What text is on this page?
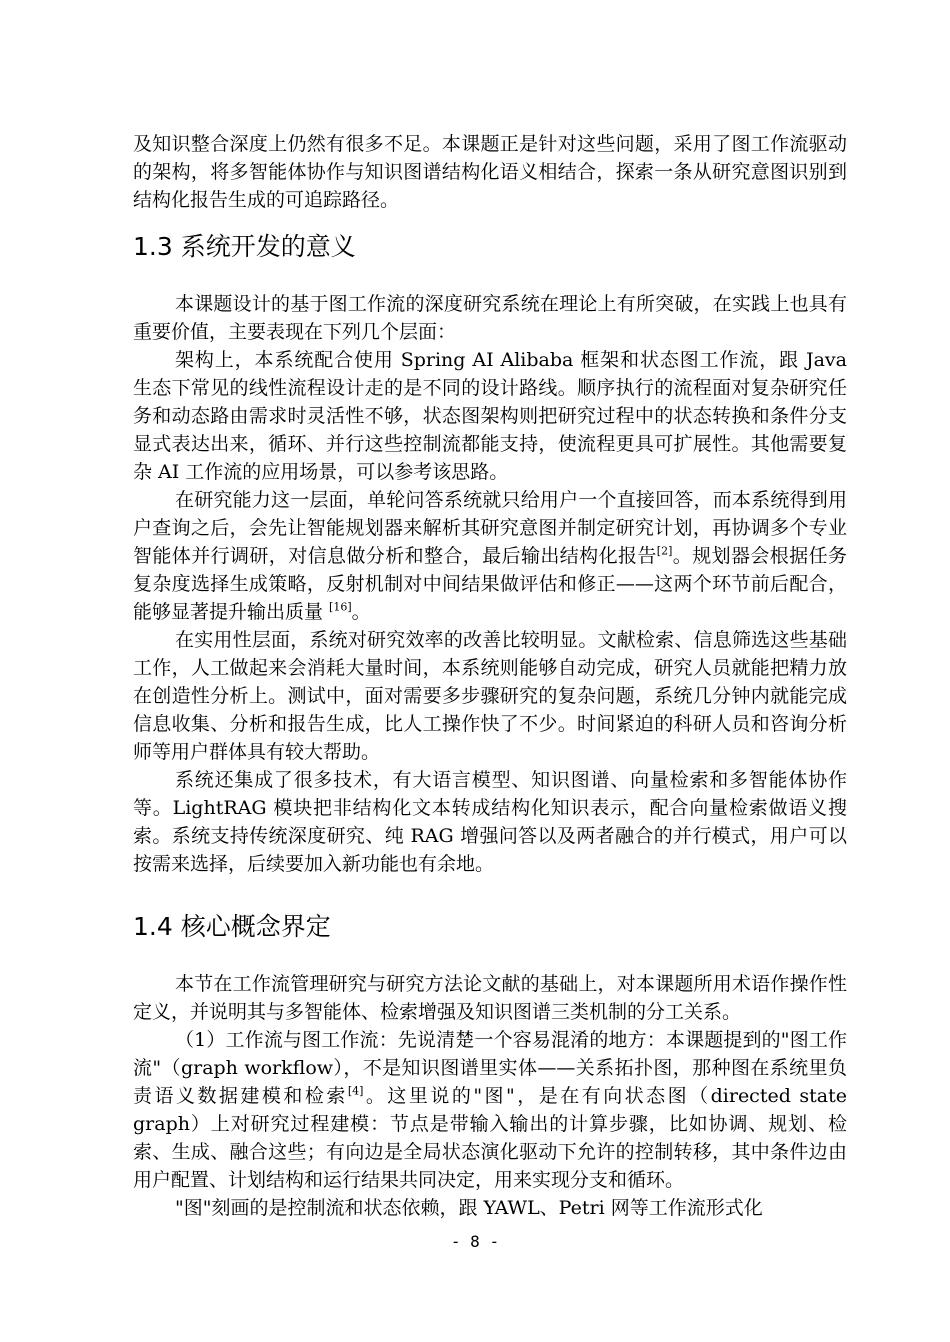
及知识整合深度上仍然有很多不足。本课题正是针对这些问题，采用了图工作流驱动的架构，将多智能体协作与知识图谱结构化语义相结合，探索一条从研究意图识别到结构化报告生成的可追踪路径。

1.3 系统开发的意义

本课题设计的基于图工作流的深度研究系统在理论上有所突破，在实践上也具有重要价值，主要表现在下列几个层面：

架构上，本系统配合使用 Spring AI Alibaba 框架和状态图工作流，跟 Java 生态下常见的线性流程设计走的是不同的设计路线。顺序执行的流程面对复杂研究任务和动态路由需求时灵活性不够，状态图架构则把研究过程中的状态转换和条件分支显式表达出来，循环、并行这些控制流都能支持，使流程更具可扩展性。其他需要复杂 AI 工作流的应用场景，可以参考该思路。

在研究能力这一层面，单轮问答系统就只给用户一个直接回答，而本系统得到用户查询之后，会先让智能规划器来解析其研究意图并制定研究计划，再协调多个专业智能体并行调研，对信息做分析和整合，最后输出结构化报告[2]。规划器会根据任务复杂度选择生成策略，反射机制对中间结果做评估和修正——这两个环节前后配合，能够显著提升输出质量 [16]。

在实用性层面，系统对研究效率的改善比较明显。文献检索、信息筛选这些基础工作，人工做起来会消耗大量时间，本系统则能够自动完成，研究人员就能把精力放在创造性分析上。测试中，面对需要多步骤研究的复杂问题，系统几分钟内就能完成信息收集、分析和报告生成，比人工操作快了不少。时间紧迫的科研人员和咨询分析师等用户群体具有较大帮助。

系统还集成了很多技术，有大语言模型、知识图谱、向量检索和多智能体协作等。LightRAG 模块把非结构化文本转成结构化知识表示，配合向量检索做语义搜索。系统支持传统深度研究、纯 RAG 增强问答以及两者融合的并行模式，用户可以按需来选择，后续要加入新功能也有余地。

1.4 核心概念界定

本节在工作流管理研究与研究方法论文献的基础上，对本课题所用术语作操作性定义，并说明其与多智能体、检索增强及知识图谱三类机制的分工关系。

（1）工作流与图工作流：先说清楚一个容易混淆的地方：本课题提到的"图工作流"（graph workflow），不是知识图谱里实体——关系拓扑图，那种图在系统里负责语义数据建模和检索[4]。这里说的"图"，是在有向状态图（directed state graph）上对研究过程建模：节点是带输入输出的计算步骤，比如协调、规划、检索、生成、融合这些；有向边是全局状态演化驱动下允许的控制转移，其中条件边由用户配置、计划结构和运行结果共同决定，用来实现分支和循环。

"图"刻画的是控制流和状态依赖，跟 YAWL、Petri 网等工作流形式化

- 8 -
